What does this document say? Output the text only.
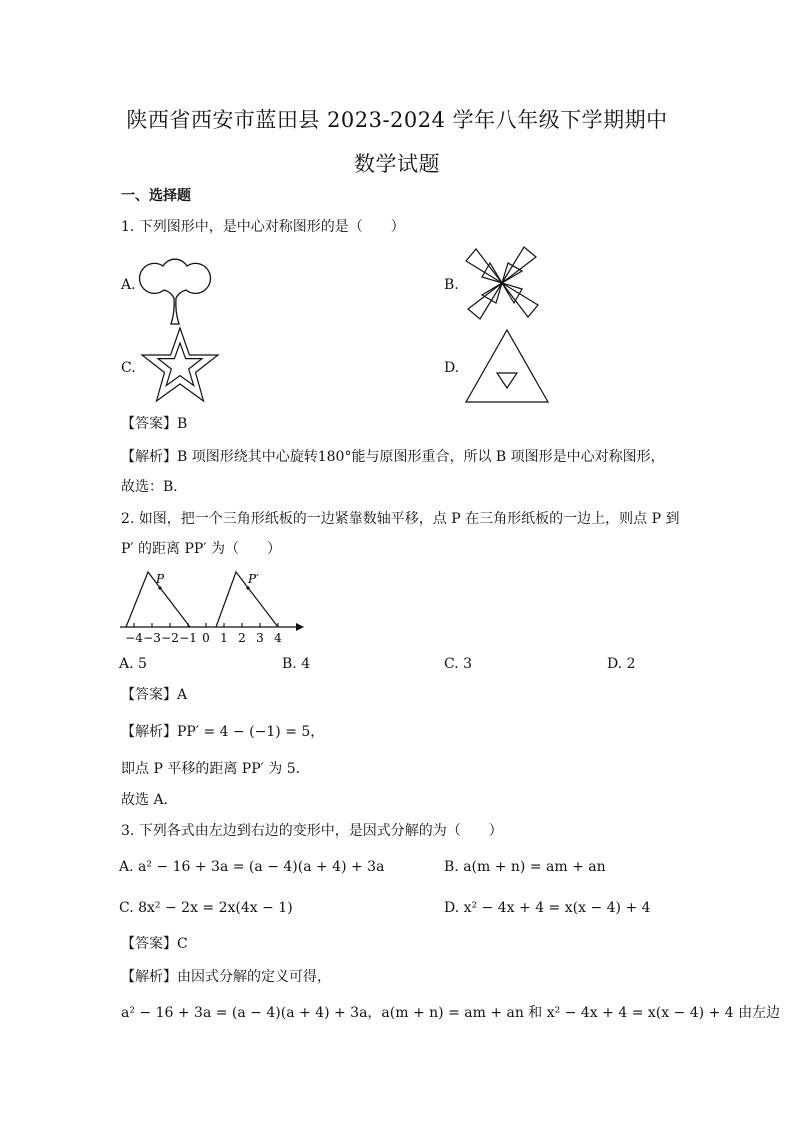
陕西省西安市蓝田县 2023-2024 学年八年级下学期期中
数学试题
一、选择题
1. 下列图形中，是中心对称图形的是（　　）
A.	B.
C.	D.
【答案】B
【解析】B 项图形绕其中心旋转180°能与原图形重合，所以 B 项图形是中心对称图形，
故选：B．
2. 如图，把一个三角形纸板的一边紧靠数轴平移，点 P 在三角形纸板的一边上，则点 P 到
P′ 的距离 PP′ 为（　　）
−4 −3 −2 −1 0 1 2 3 4
P	P′
A. 5	B. 4	C. 3	D. 2
【答案】A
【解析】PP′ = 4 − (−1) = 5，
即点 P 平移的距离 PP′ 为 5．
故选 A．
3. 下列各式由左边到右边的变形中，是因式分解的为（　　）
A. a² − 16 + 3a = (a − 4)(a + 4) + 3a	B. a(m + n) = am + an
C. 8x² − 2x = 2x(4x − 1)	D. x² − 4x + 4 = x(x − 4) + 4
【答案】C
【解析】由因式分解的定义可得，
a² − 16 + 3a = (a − 4)(a + 4) + 3a，a(m + n) = am + an 和 x² − 4x + 4 = x(x − 4) + 4 由左边
